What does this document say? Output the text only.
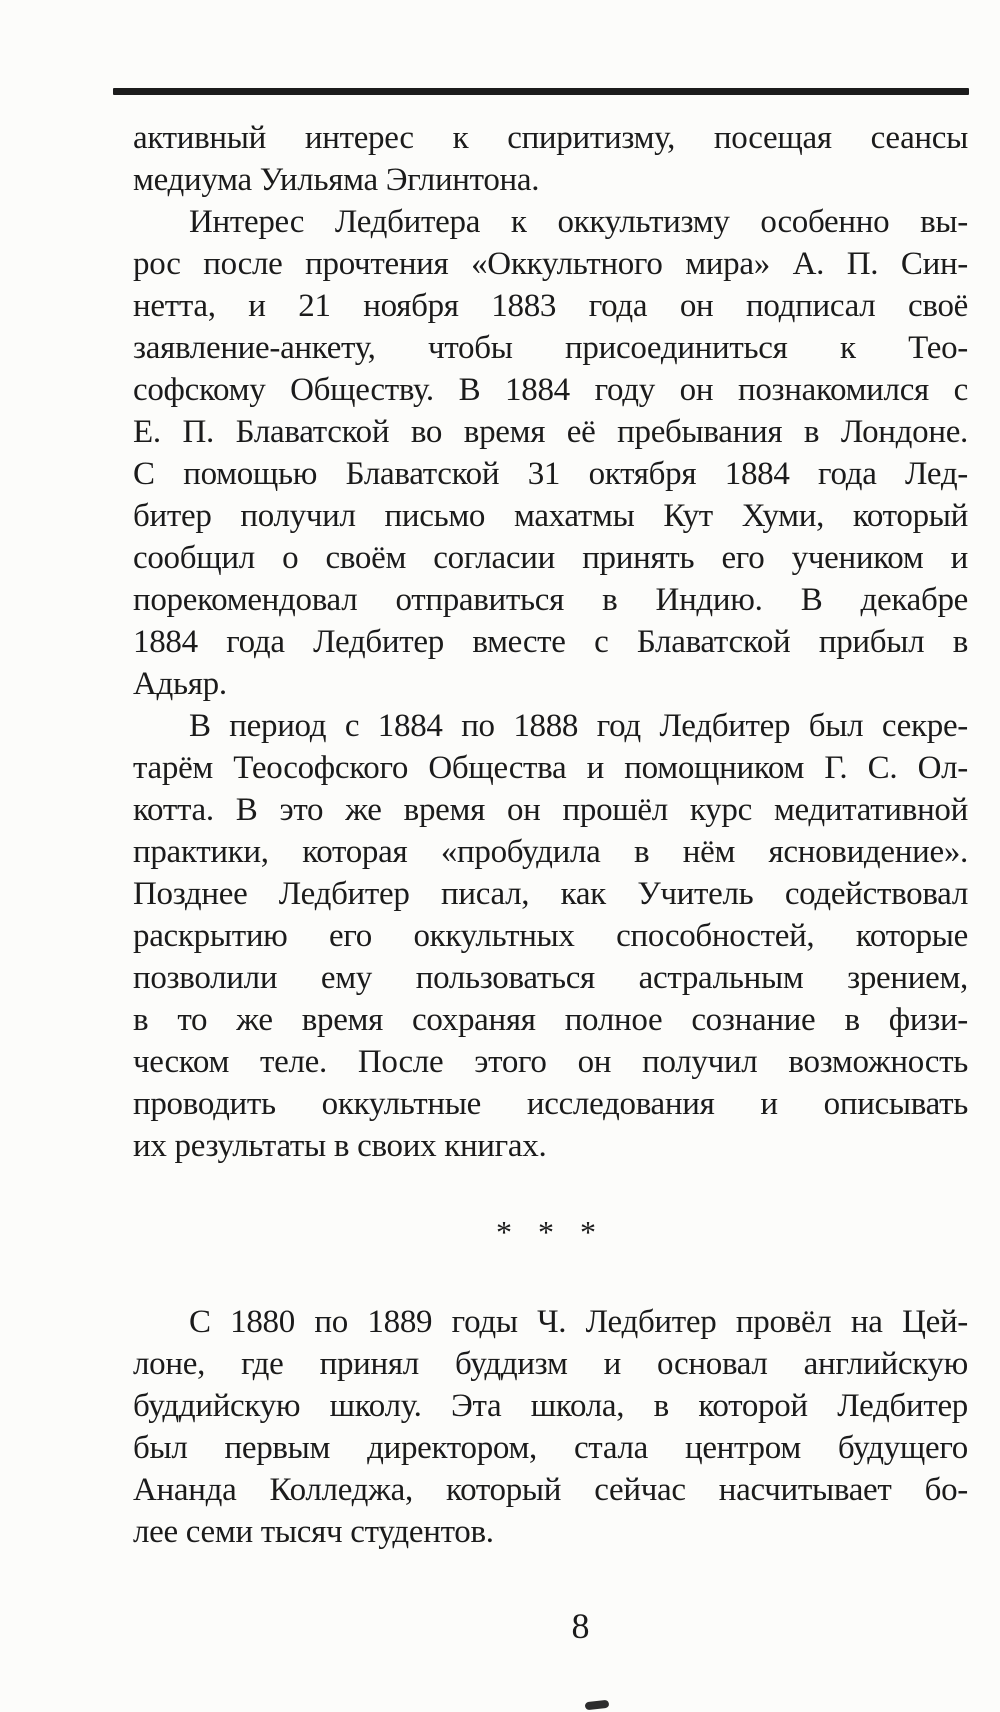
активный интерес к спиритизму, посещая сеансы
медиума Уильяма Эглинтона.
Интерес Ледбитера к оккультизму особенно вы-
рос после прочтения «Оккультного мира» А. П. Син-
нетта, и 21 ноября 1883 года он подписал своё
заявление-анкету, чтобы присоединиться к Тео-
софскому Обществу. В 1884 году он познакомился с
Е. П. Блаватской во время её пребывания в Лондоне.
С помощью Блаватской 31 октября 1884 года Лед-
битер получил письмо махатмы Кут Хуми, который
сообщил о своём согласии принять его учеником и
порекомендовал отправиться в Индию. В декабре
1884 года Ледбитер вместе с Блаватской прибыл в
Адьяр.
В период с 1884 по 1888 год Ледбитер был секре-
тарём Теософского Общества и помощником Г. С. Ол-
котта. В это же время он прошёл курс медитативной
практики, которая «пробудила в нём ясновидение».
Позднее Ледбитер писал, как Учитель содействовал
раскрытию его оккультных способностей, которые
позволили ему пользоваться астральным зрением,
в то же время сохраняя полное сознание в физи-
ческом теле. После этого он получил возможность
проводить оккультные исследования и описывать
их результаты в своих книгах.
* * *
С 1880 по 1889 годы Ч. Ледбитер провёл на Цей-
лоне, где принял буддизм и основал английскую
буддийскую школу. Эта школа, в которой Ледбитер
был первым директором, стала центром будущего
Ананда Колледжа, который сейчас насчитывает бо-
лее семи тысяч студентов.
8
